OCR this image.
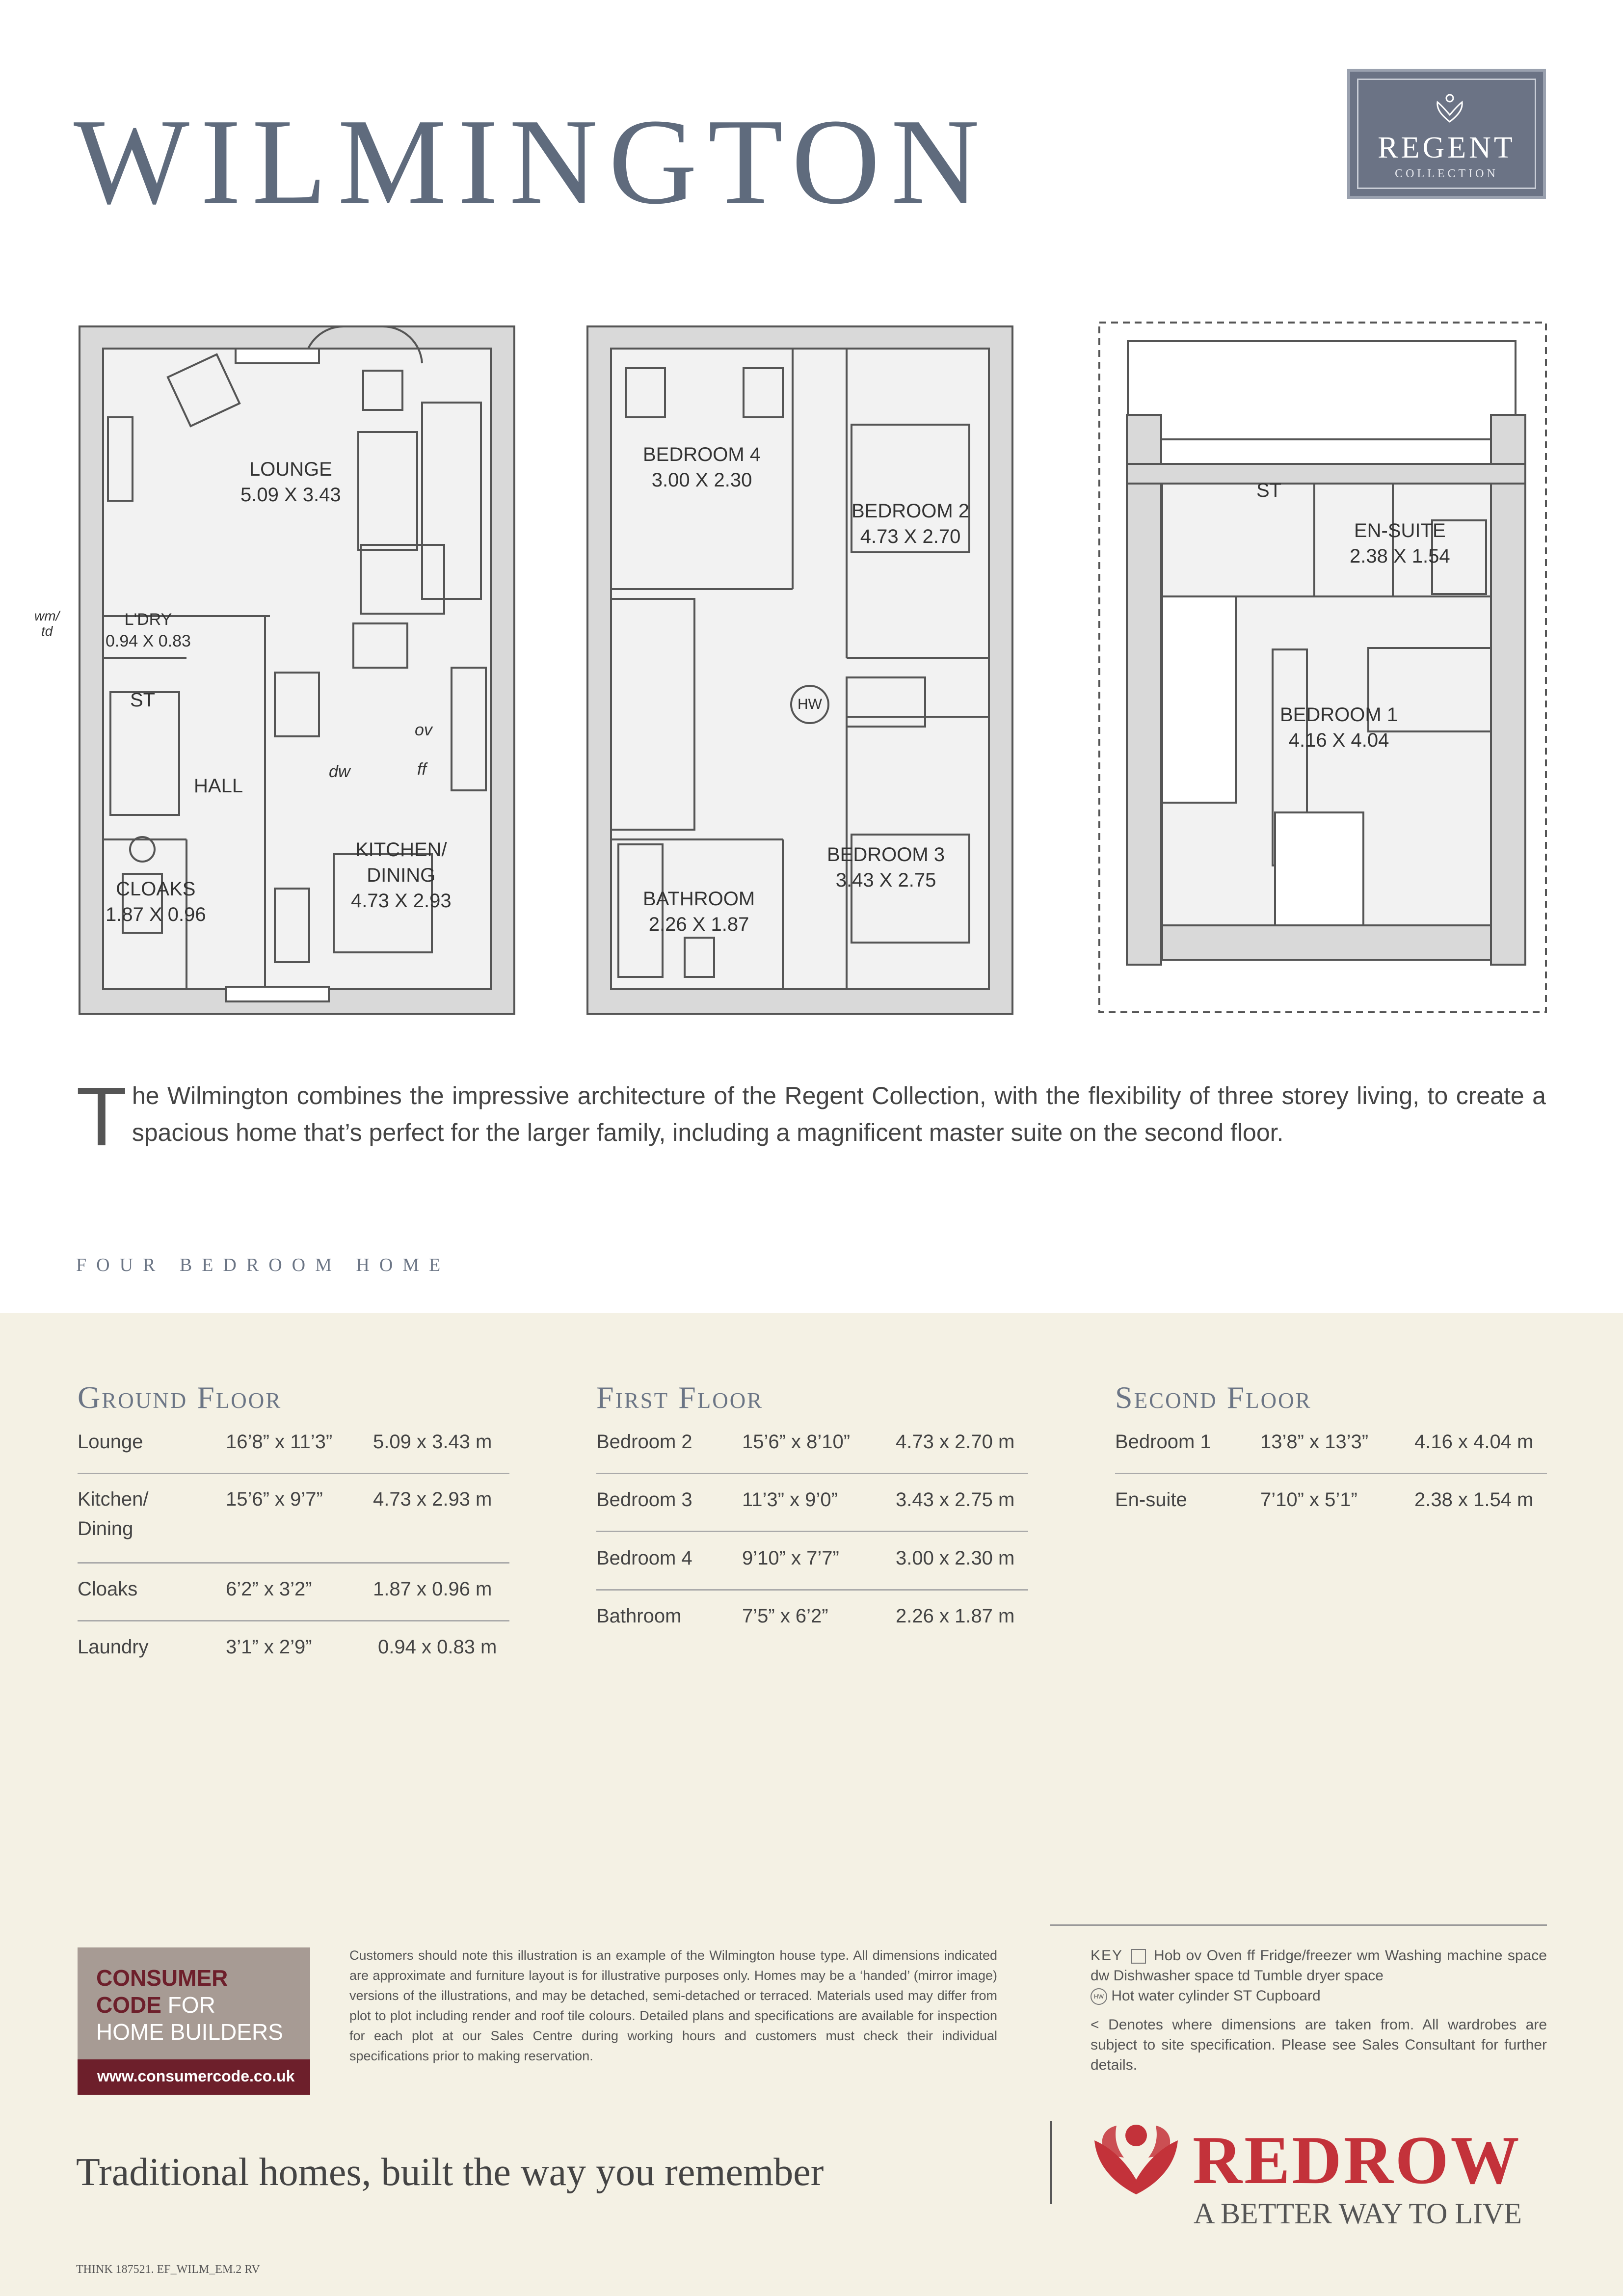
WILMINGTON	REGENT
COLLECTION
LOUNGE
5.09 X 3.43
L'DRY
0.94 X 0.83
wm/
td
ST
HALL
CLOAKS
1.87 X 0.96
KITCHEN/
DINING
4.73 X 2.93
ov
ff
dw
BEDROOM 4
3.00 X 2.30
BEDROOM 2
4.73 X 2.70
HW
BEDROOM 3
3.43 X 2.75
BATHROOM
2.26 X 1.87
ST
EN-SUITE
2.38 X 1.54
BEDROOM 1
4.16 X 4.04
The Wilmington combines the impressive architecture of the Regent Collection, with the flexibility of three storey living, to create a spacious home that’s perfect for the larger family, including a magnificent master suite on the second floor.
FOUR BEDROOM HOME
Ground Floor
Lounge	16’8” x 11’3” 5.09 x 3.43 m
Kitchen/
Dining
15’6” x 9’7”	4.73 x 2.93 m
Cloaks	6’2” x 3’2”	1.87 x 0.96 m
Laundry	3’1” x 2’9”	0.94 x 0.83 m
First Floor
Bedroom 2	15’6” x 8’10” 4.73 x 2.70 m
Bedroom 3	11’3” x 9’0”	3.43 x 2.75 m
Bedroom 4	9’10” x 7’7”	3.00 x 2.30 m
Bathroom	7’5” x 6’2”	2.26 x 1.87 m
Second Floor
Bedroom 1	13’8” x 13’3” 4.16 x 4.04 m
En-suite	7’10” x 5’1”	2.38 x 1.54 m
CONSUMER
CODE FOR
HOME BUILDERS
www.consumercode.co.uk
Customers should note this illustration is an example of the Wilmington house type. All dimensions indicated are approximate and furniture layout is for illustrative purposes only. Homes may be a ‘handed’ (mirror image) versions of the illustrations, and may be detached, semi-detached or terraced. Materials used may differ from plot to plot including render and roof tile colours. Detailed plans and specifications are available for inspection for each plot at our Sales Centre during working hours and customers must check their individual specifications prior to making reservation.
KEY Hob ov Oven ff Fridge/freezer wm Washing machine space dw Dishwasher space td Tumble dryer space
HW Hot water cylinder ST Cupboard
< Denotes where dimensions are taken from. All wardrobes are subject to site specification. Please see Sales Consultant for further details.
Traditional homes, built the way you remember	REDROW
A BETTER WAY TO LIVE
THINK 187521. EF_WILM_EM.2 RV
